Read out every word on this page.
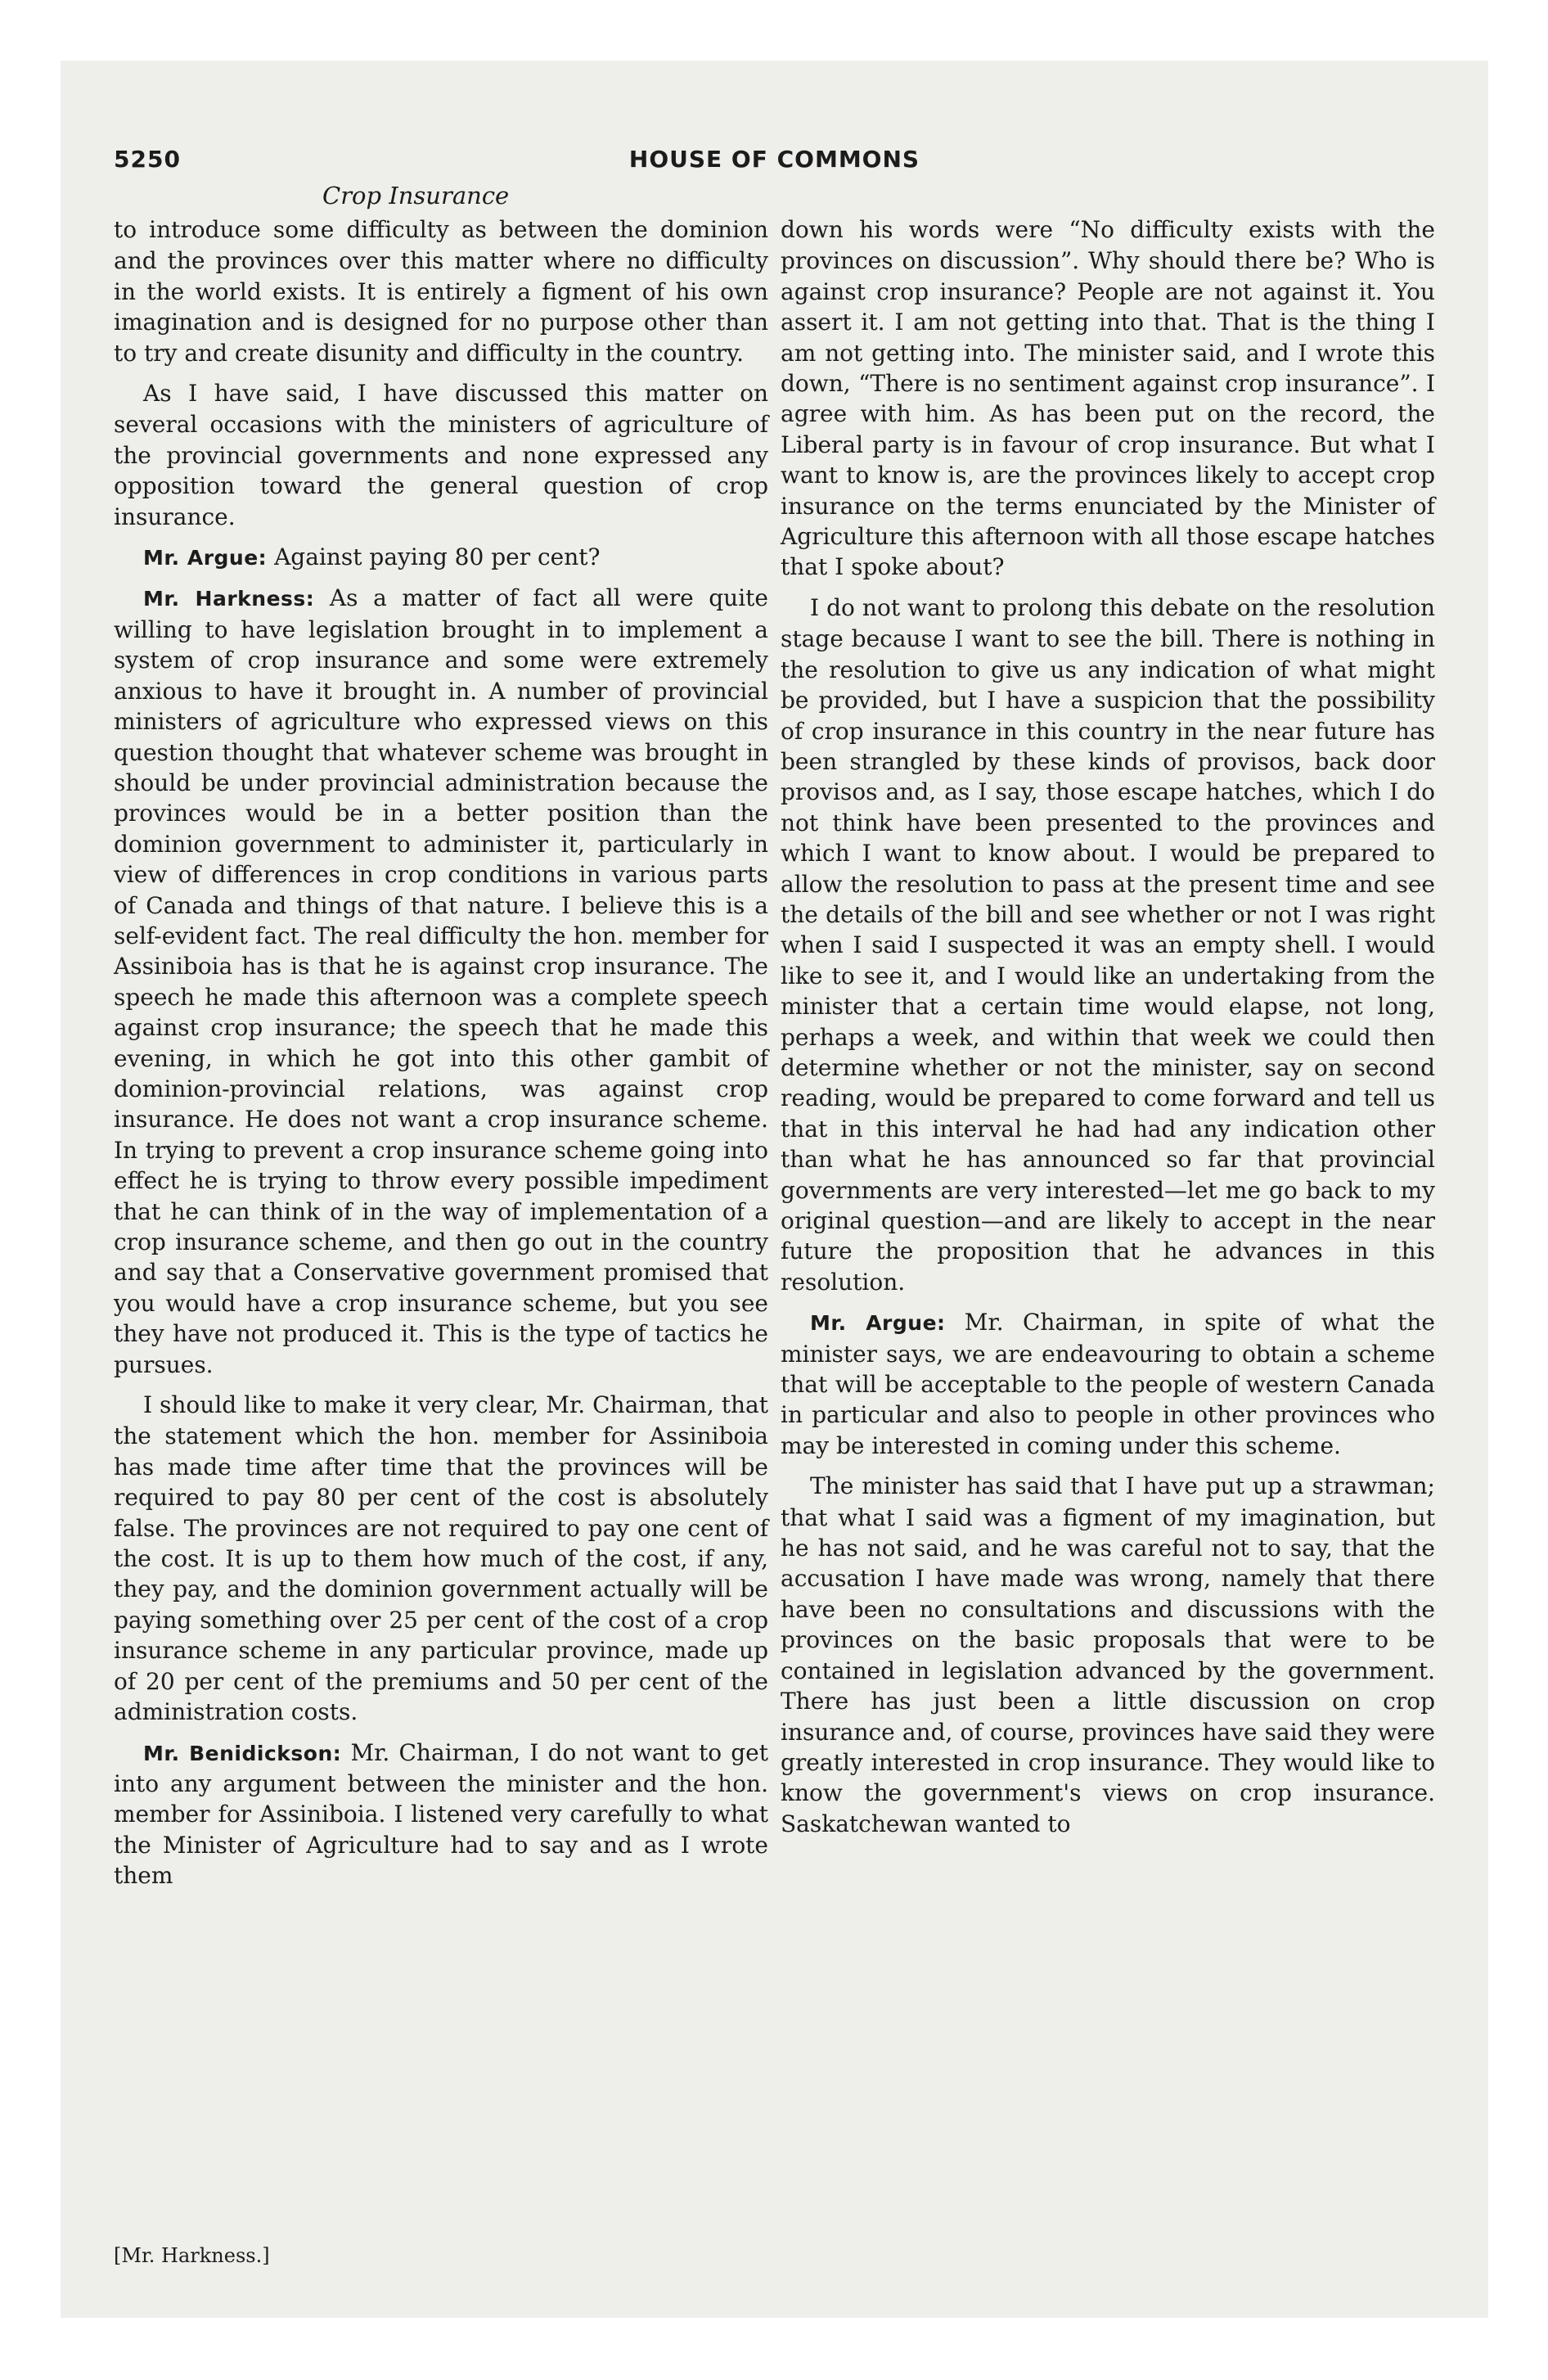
5250	HOUSE OF COMMONS
Crop Insurance

to introduce some difficulty as between the dominion and the provinces over this matter where no difficulty in the world exists. It is entirely a figment of his own imagination and is designed for no purpose other than to try and create disunity and difficulty in the country.

As I have said, I have discussed this matter on several occasions with the ministers of agriculture of the provincial governments and none expressed any opposition toward the general question of crop insurance.

Mr. Argue: Against paying 80 per cent?

Mr. Harkness: As a matter of fact all were quite willing to have legislation brought in to implement a system of crop insurance and some were extremely anxious to have it brought in. A number of provincial ministers of agriculture who expressed views on this question thought that whatever scheme was brought in should be under provincial administration because the provinces would be in a better position than the dominion government to administer it, particularly in view of differences in crop conditions in various parts of Canada and things of that nature. I believe this is a self-evident fact. The real difficulty the hon. member for Assiniboia has is that he is against crop insurance. The speech he made this afternoon was a complete speech against crop insurance; the speech that he made this evening, in which he got into this other gambit of dominion-provincial relations, was against crop insurance. He does not want a crop insurance scheme. In trying to prevent a crop insurance scheme going into effect he is trying to throw every possible impediment that he can think of in the way of implementation of a crop insurance scheme, and then go out in the country and say that a Conservative government promised that you would have a crop insurance scheme, but you see they have not produced it. This is the type of tactics he pursues.

I should like to make it very clear, Mr. Chairman, that the statement which the hon. member for Assiniboia has made time after time that the provinces will be required to pay 80 per cent of the cost is absolutely false. The provinces are not required to pay one cent of the cost. It is up to them how much of the cost, if any, they pay, and the dominion government actually will be paying something over 25 per cent of the cost of a crop insurance scheme in any particular province, made up of 20 per cent of the premiums and 50 per cent of the administration costs.

Mr. Benidickson: Mr. Chairman, I do not want to get into any argument between the minister and the hon. member for Assiniboia. I listened very carefully to what the Minister of Agriculture had to say and as I wrote them

down his words were “No difficulty exists with the provinces on discussion”. Why should there be? Who is against crop insurance? People are not against it. You assert it. I am not getting into that. That is the thing I am not getting into. The minister said, and I wrote this down, “There is no sentiment against crop insurance”. I agree with him. As has been put on the record, the Liberal party is in favour of crop insurance. But what I want to know is, are the provinces likely to accept crop insurance on the terms enunciated by the Minister of Agriculture this afternoon with all those escape hatches that I spoke about?

I do not want to prolong this debate on the resolution stage because I want to see the bill. There is nothing in the resolution to give us any indication of what might be provided, but I have a suspicion that the possibility of crop insurance in this country in the near future has been strangled by these kinds of provisos, back door provisos and, as I say, those escape hatches, which I do not think have been presented to the provinces and which I want to know about. I would be prepared to allow the resolution to pass at the present time and see the details of the bill and see whether or not I was right when I said I suspected it was an empty shell. I would like to see it, and I would like an undertaking from the minister that a certain time would elapse, not long, perhaps a week, and within that week we could then determine whether or not the minister, say on second reading, would be prepared to come forward and tell us that in this interval he had had any indication other than what he has announced so far that provincial governments are very interested—let me go back to my original question—and are likely to accept in the near future the proposition that he advances in this resolution.

Mr. Argue: Mr. Chairman, in spite of what the minister says, we are endeavouring to obtain a scheme that will be acceptable to the people of western Canada in particular and also to people in other provinces who may be interested in coming under this scheme.

The minister has said that I have put up a strawman; that what I said was a figment of my imagination, but he has not said, and he was careful not to say, that the accusation I have made was wrong, namely that there have been no consultations and discussions with the provinces on the basic proposals that were to be contained in legislation advanced by the government. There has just been a little discussion on crop insurance and, of course, provinces have said they were greatly interested in crop insurance. They would like to know the government's views on crop insurance. Saskatchewan wanted to

[Mr. Harkness.]
